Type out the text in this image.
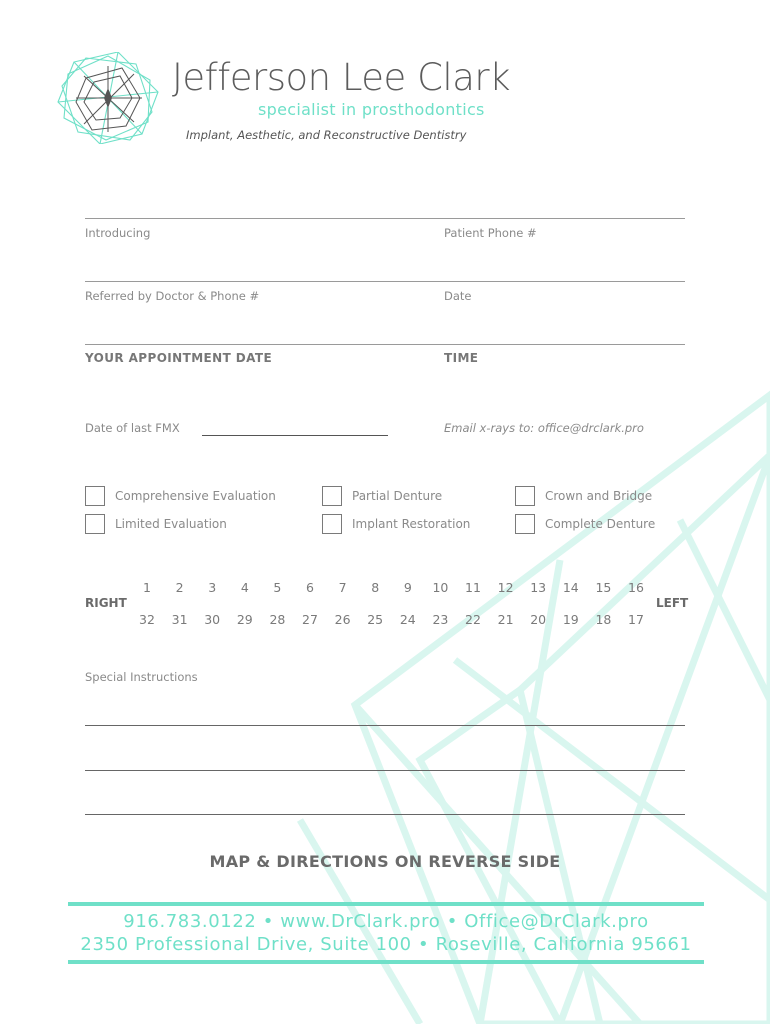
Jefferson Lee Clark
specialist in prosthodontics
Implant, Aesthetic, and Reconstructive Dentistry
Introducing	Patient Phone #
Referred by Doctor & Phone #	Date
YOUR APPOINTMENT DATE	TIME
Date of last FMX	Email x-rays to: office@drclark.pro
Comprehensive Evaluation	Partial Denture	Crown and Bridge
Limited Evaluation	Implant Restoration	Complete Denture
RIGHT	LEFT
1	2	3	4	5	6	7	8	9	10	11	12	13	14	15	16
32	31	30	29	28	27	26	25	24	23	22	21	20	19	18	17
Special Instructions
MAP & DIRECTIONS ON REVERSE SIDE
916.783.0122 • www.DrClark.pro • Office@DrClark.pro
2350 Professional Drive, Suite 100 • Roseville, California 95661
